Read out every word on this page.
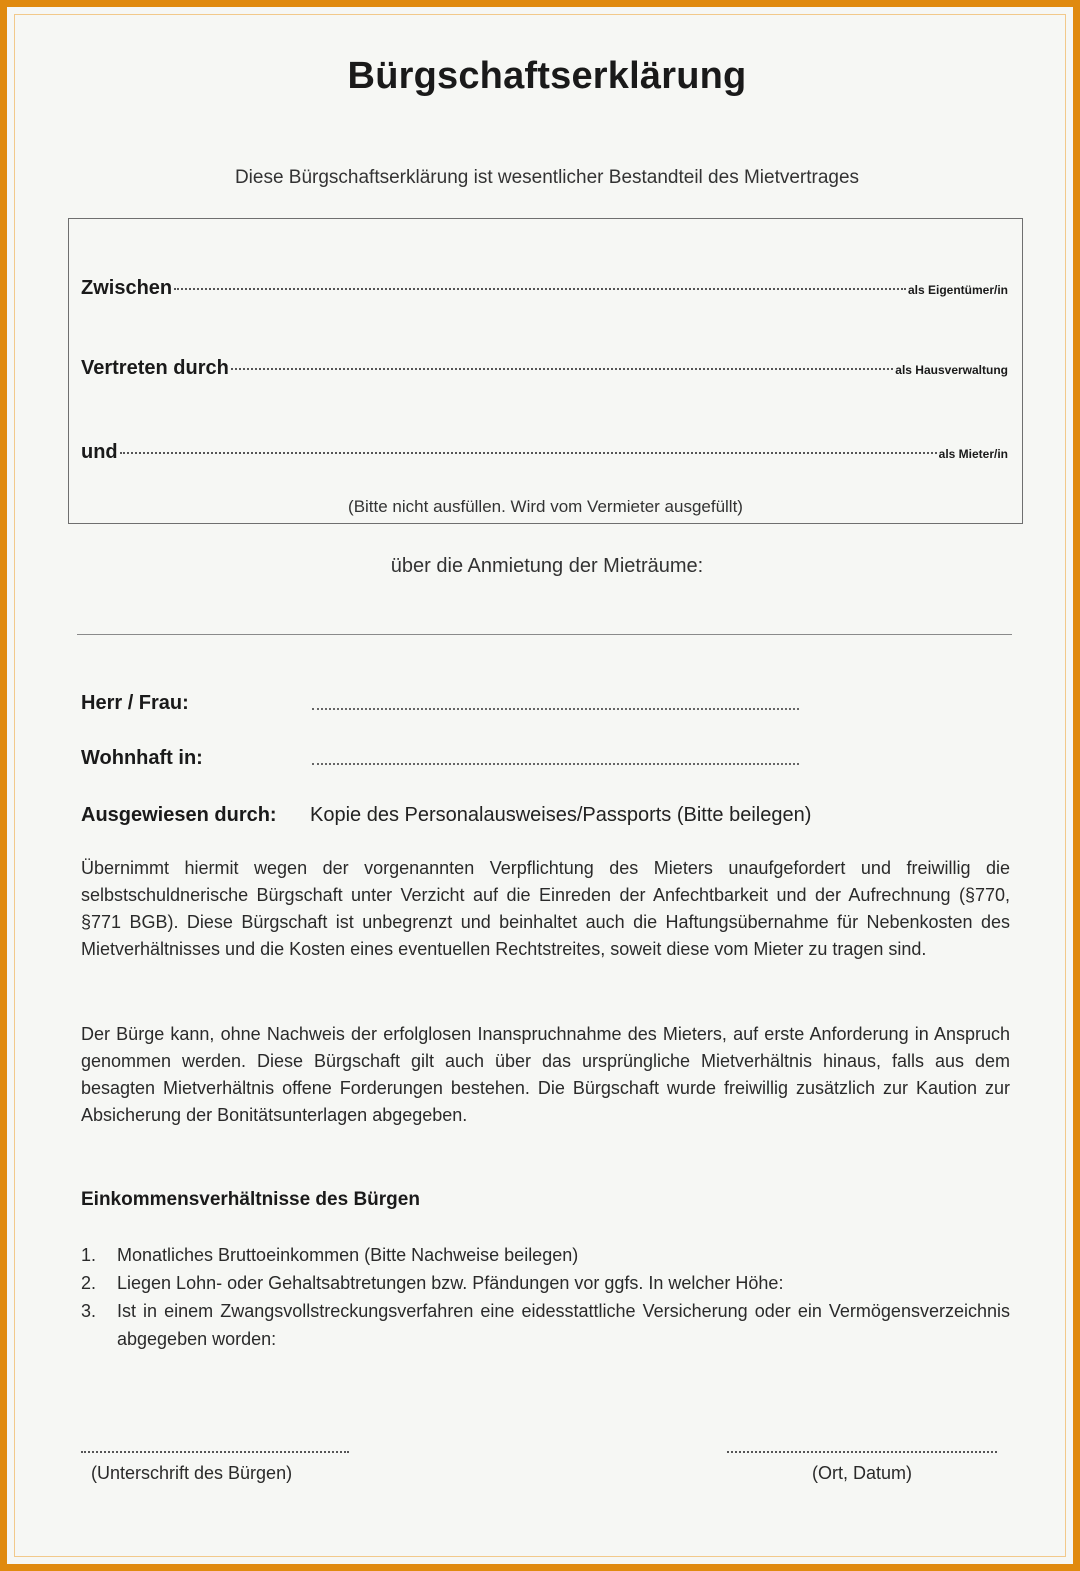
Bürgschaftserklärung
Diese Bürgschaftserklärung ist wesentlicher Bestandteil des Mietvertrages
Zwischen	als Eigentümer/in
Vertreten durch	als Hausverwaltung
und	als Mieter/in
(Bitte nicht ausfüllen. Wird vom Vermieter ausgefüllt)
über die Anmietung der Mieträume:
Herr / Frau:
Wohnhaft in:
Ausgewiesen durch: Kopie des Personalausweises/Passports (Bitte beilegen)
Übernimmt hiermit wegen der vorgenannten Verpflichtung des Mieters unaufgefordert und freiwillig die selbstschuldnerische Bürgschaft unter Verzicht auf die Einreden der Anfechtbarkeit und der Aufrechnung (§770, §771 BGB). Diese Bürgschaft ist unbegrenzt und beinhaltet auch die Haftungsübernahme für Nebenkosten des Mietverhältnisses und die Kosten eines eventuellen Rechtstreites, soweit diese vom Mieter zu tragen sind.
Der Bürge kann, ohne Nachweis der erfolglosen Inanspruchnahme des Mieters, auf erste Anforderung in Anspruch genommen werden. Diese Bürgschaft gilt auch über das ursprüngliche Mietverhältnis hinaus, falls aus dem besagten Mietverhältnis offene Forderungen bestehen. Die Bürgschaft wurde freiwillig zusätzlich zur Kaution zur Absicherung der Bonitätsunterlagen abgegeben.
Einkommensverhältnisse des Bürgen
1.	Monatliches Bruttoeinkommen (Bitte Nachweise beilegen)
2.	Liegen Lohn- oder Gehaltsabtretungen bzw. Pfändungen vor ggfs. In welcher Höhe:
3.	Ist in einem Zwangsvollstreckungsverfahren eine eidesstattliche Versicherung oder ein Vermögensverzeichnis abgegeben worden:
(Unterschrift des Bürgen)	(Ort, Datum)
